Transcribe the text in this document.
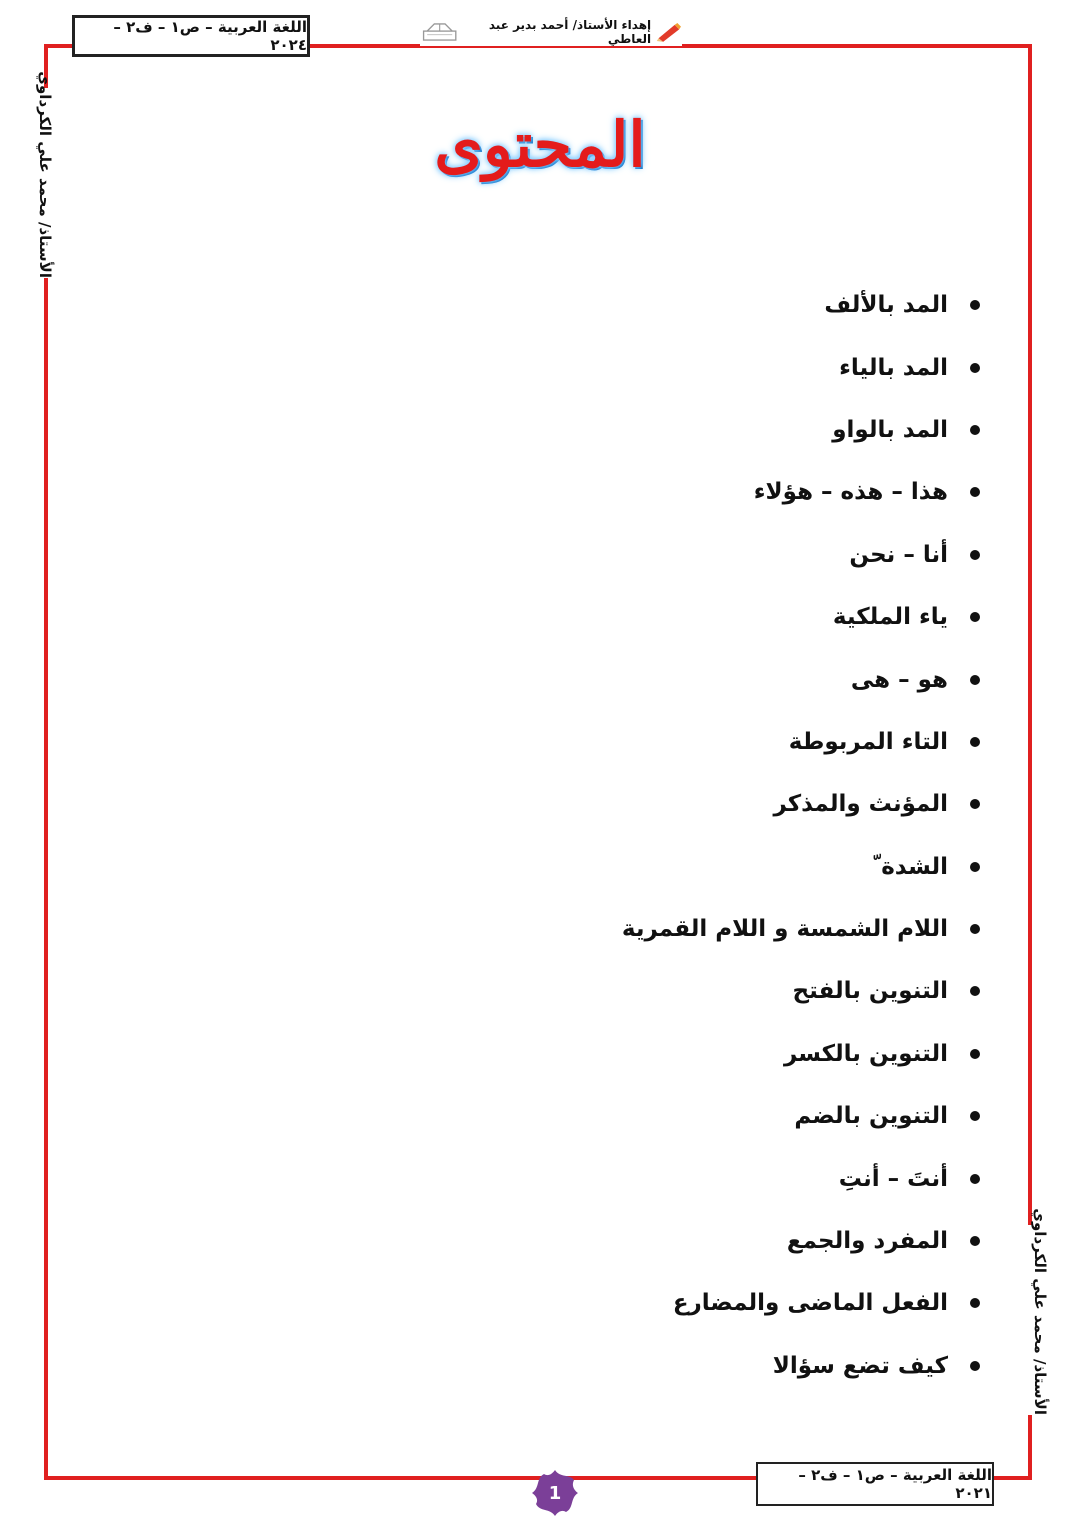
اللغة العربية – ص١ – ف٢ – ٢٠٢٤
إهداء الأستاذ/ أحمد بدير عبد العاطي
الأستاذ/ محمد علي الكرداوي
الأستاذ/ محمد علي الكرداوي
المحتوى
المد بالألف
المد بالياء
المد بالواو
هذا – هذه – هؤلاء
أنا – نحن
ياء الملكية
هو – هى
التاء المربوطة
المؤنث والمذكر
الشدة ّ
اللام الشمسة و اللام القمرية
التنوين بالفتح
التنوين بالكسر
التنوين بالضم
أنتَ – أنتِ
المفرد والجمع
الفعل الماضى والمضارع
كيف تضع سؤالا
اللغة العربية – ص١ – ف٢ – ٢٠٢١
1
